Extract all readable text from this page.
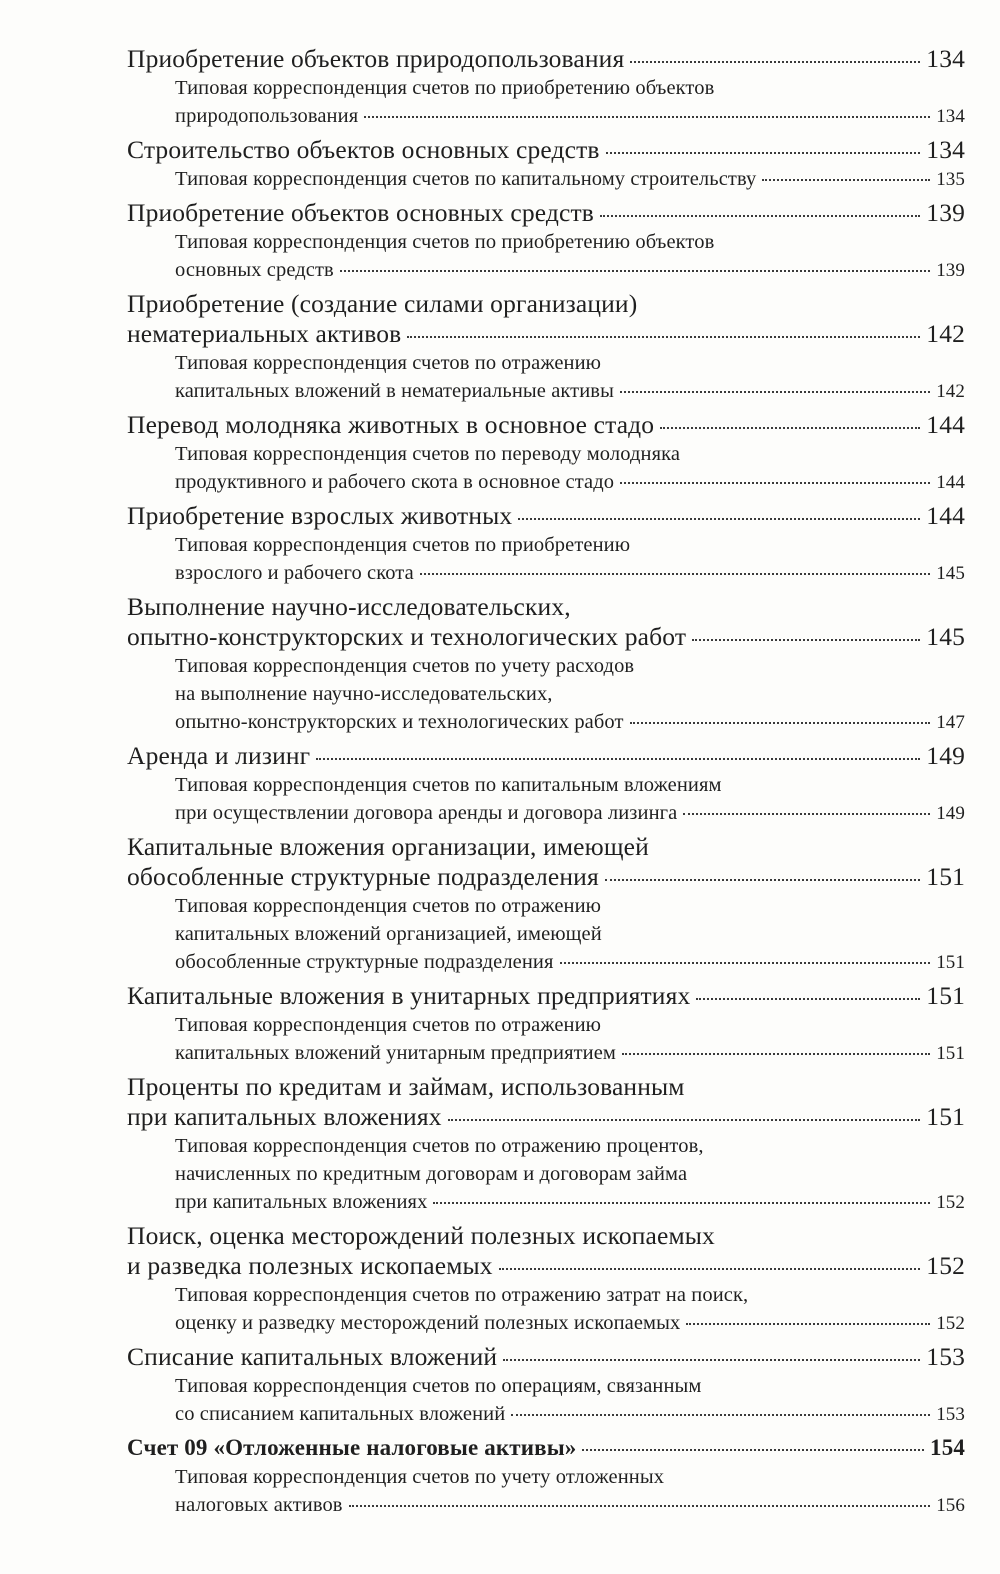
Приобретение объектов природопользования	134
Типовая корреспонденция счетов по приобретению объектов
природопользования	134
Строительство объектов основных средств	134
Типовая корреспонденция счетов по капитальному строительству	135
Приобретение объектов основных средств	139
Типовая корреспонденция счетов по приобретению объектов
основных средств	139
Приобретение (создание силами организации)
нематериальных активов	142
Типовая корреспонденция счетов по отражению
капитальных вложений в нематериальные активы	142
Перевод молодняка животных в основное стадо	144
Типовая корреспонденция счетов по переводу молодняка
продуктивного и рабочего скота в основное стадо	144
Приобретение взрослых животных	144
Типовая корреспонденция счетов по приобретению
взрослого и рабочего скота	145
Выполнение научно-исследовательских,
опытно-конструкторских и технологических работ	145
Типовая корреспонденция счетов по учету расходов
на выполнение научно-исследовательских,
опытно-конструкторских и технологических работ	147
Аренда и лизинг	149
Типовая корреспонденция счетов по капитальным вложениям
при осуществлении договора аренды и договора лизинга	149
Капитальные вложения организации, имеющей
обособленные структурные подразделения	151
Типовая корреспонденция счетов по отражению
капитальных вложений организацией, имеющей
обособленные структурные подразделения	151
Капитальные вложения в унитарных предприятиях	151
Типовая корреспонденция счетов по отражению
капитальных вложений унитарным предприятием	151
Проценты по кредитам и займам, использованным
при капитальных вложениях	151
Типовая корреспонденция счетов по отражению процентов,
начисленных по кредитным договорам и договорам займа
при капитальных вложениях	152
Поиск, оценка месторождений полезных ископаемых
и разведка полезных ископаемых	152
Типовая корреспонденция счетов по отражению затрат на поиск,
оценку и разведку месторождений полезных ископаемых	152
Списание капитальных вложений	153
Типовая корреспонденция счетов по операциям, связанным
со списанием капитальных вложений	153
Счет 09 «Отложенные налоговые активы»	154
Типовая корреспонденция счетов по учету отложенных
налоговых активов	156
